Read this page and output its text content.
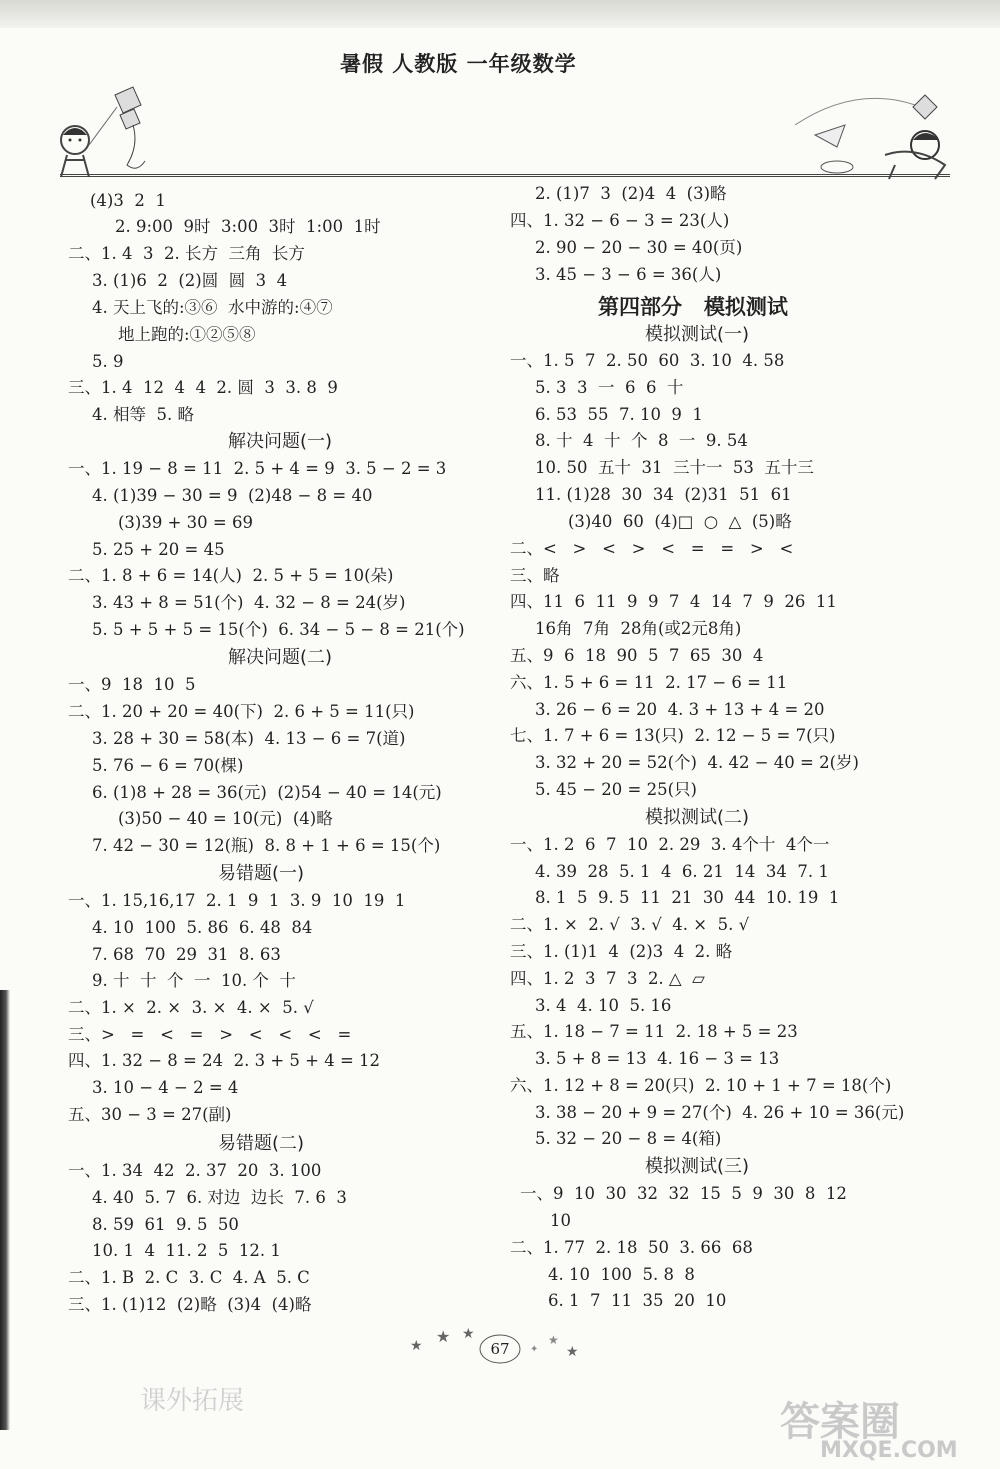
暑假 人教版 一年级数学
(4)3  2  1
2. 9:00  9时  3:00  3时  1:00  1时
二、1. 4  3  2. 长方  三角  长方
3. (1)6  2  (2)圆  圆  3  4
4. 天上飞的:③⑥  水中游的:④⑦
地上跑的:①②⑤⑧
5. 9
三、1. 4  12  4  4  2. 圆  3  3. 8  9
4. 相等  5. 略
解决问题(一)
一、1. 19 − 8 = 11  2. 5 + 4 = 9  3. 5 − 2 = 3
4. (1)39 − 30 = 9  (2)48 − 8 = 40
(3)39 + 30 = 69
5. 25 + 20 = 45
二、1. 8 + 6 = 14(人)  2. 5 + 5 = 10(朵)
3. 43 + 8 = 51(个)  4. 32 − 8 = 24(岁)
5. 5 + 5 + 5 = 15(个)  6. 34 − 5 − 8 = 21(个)
解决问题(二)
一、9  18  10  5
二、1. 20 + 20 = 40(下)  2. 6 + 5 = 11(只)
3. 28 + 30 = 58(本)  4. 13 − 6 = 7(道)
5. 76 − 6 = 70(棵)
6. (1)8 + 28 = 36(元)  (2)54 − 40 = 14(元)
(3)50 − 40 = 10(元)  (4)略
7. 42 − 30 = 12(瓶)  8. 8 + 1 + 6 = 15(个)
易错题(一)
一、1. 15,16,17  2. 1  9  1  3. 9  10  19  1
4. 10  100  5. 86  6. 48  84
7. 68  70  29  31  8. 63
9. 十  十  个  一  10. 个  十
二、1. ×  2. ×  3. ×  4. ×  5. √
三、>   =   <   =   >   <   <   <   =
四、1. 32 − 8 = 24  2. 3 + 5 + 4 = 12
3. 10 − 4 − 2 = 4
五、30 − 3 = 27(副)
易错题(二)
一、1. 34  42  2. 37  20  3. 100
4. 40  5. 7  6. 对边  边长  7. 6  3
8. 59  61  9. 5  50
10. 1  4  11. 2  5  12. 1
二、1. B  2. C  3. C  4. A  5. C
三、1. (1)12  (2)略  (3)4  (4)略
2. (1)7  3  (2)4  4  (3)略
四、1. 32 − 6 − 3 = 23(人)
2. 90 − 20 − 30 = 40(页)
3. 45 − 3 − 6 = 36(人)
第四部分   模拟测试
模拟测试(一)
一、1. 5  7  2. 50  60  3. 10  4. 58
5. 3  3  一  6  6  十
6. 53  55  7. 10  9  1
8. 十  4  十  个  8  一  9. 54
10. 50  五十  31  三十一  53  五十三
11. (1)28  30  34  (2)31  51  61
(3)40  60  (4)□  ○  △  (5)略
二、<   >   <   >   <   =   =   >   <
三、略
四、11  6  11  9  9  7  4  14  7  9  26  11
16角  7角  28角(或2元8角)
五、9  6  18  90  5  7  65  30  4
六、1. 5 + 6 = 11  2. 17 − 6 = 11
3. 26 − 6 = 20  4. 3 + 13 + 4 = 20
七、1. 7 + 6 = 13(只)  2. 12 − 5 = 7(只)
3. 32 + 20 = 52(个)  4. 42 − 40 = 2(岁)
5. 45 − 20 = 25(只)
模拟测试(二)
一、1. 2  6  7  10  2. 29  3. 4个十  4个一
4. 39  28  5. 1  4  6. 21  14  34  7. 1
8. 1  5  9. 5  11  21  30  44  10. 19  1
二、1. ×  2. √  3. √  4. ×  5. √
三、1. (1)1  4  (2)3  4  2. 略
四、1. 2  3  7  3  2. △  ▱
3. 4  4. 10  5. 16
五、1. 18 − 7 = 11  2. 18 + 5 = 23
3. 5 + 8 = 13  4. 16 − 3 = 13
六、1. 12 + 8 = 20(只)  2. 10 + 1 + 7 = 18(个)
3. 38 − 20 + 9 = 27(个)  4. 26 + 10 = 36(元)
5. 32 − 20 − 8 = 4(箱)
模拟测试(三)
一、9  10  30  32  32  15  5  9  30  8  12
10
二、1. 77  2. 18  50  3. 66  68
4. 10  100  5. 8  8
6. 1  7  11  35  20  10
★ ★ ★
✦
★
★
67
课外拓展	答案圈
MXQE.COM
